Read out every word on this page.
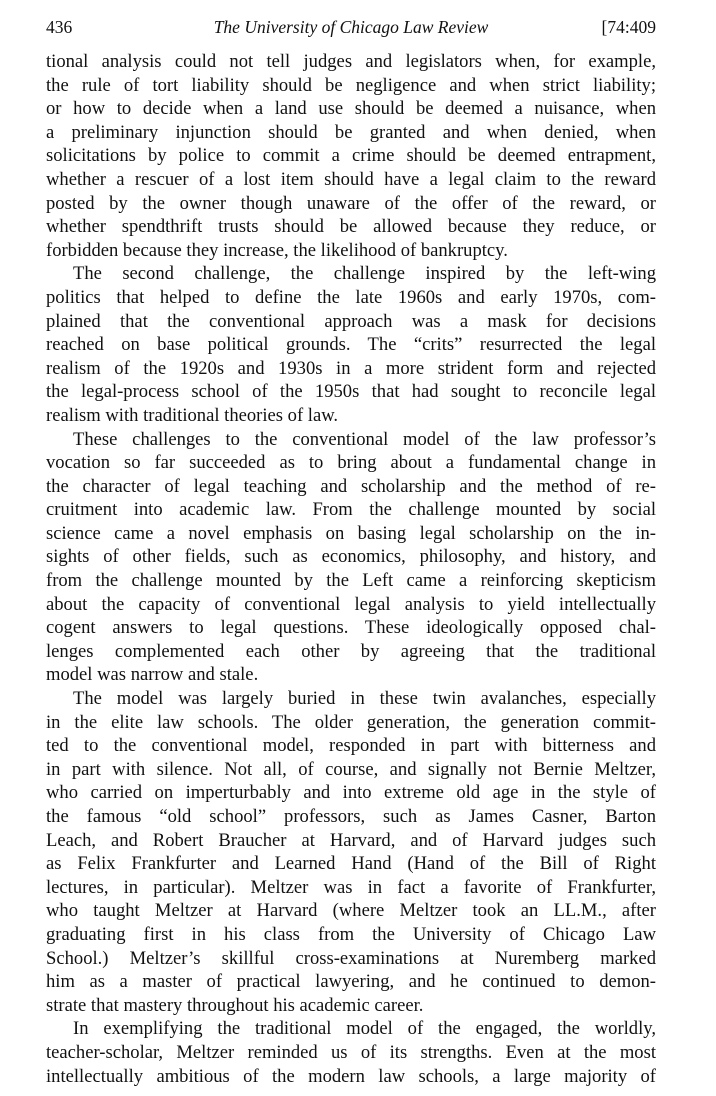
436	The University of Chicago Law Review	[74:409
tional analysis could not tell judges and legislators when, for example,
the rule of tort liability should be negligence and when strict liability;
or how to decide when a land use should be deemed a nuisance, when
a preliminary injunction should be granted and when denied, when
solicitations by police to commit a crime should be deemed entrapment,
whether a rescuer of a lost item should have a legal claim to the reward
posted by the owner though unaware of the offer of the reward, or
whether spendthrift trusts should be allowed because they reduce, or
forbidden because they increase, the likelihood of bankruptcy.
The second challenge, the challenge inspired by the left-wing
politics that helped to define the late 1960s and early 1970s, com-
plained that the conventional approach was a mask for decisions
reached on base political grounds. The “crits” resurrected the legal
realism of the 1920s and 1930s in a more strident form and rejected
the legal-process school of the 1950s that had sought to reconcile legal
realism with traditional theories of law.
These challenges to the conventional model of the law professor’s
vocation so far succeeded as to bring about a fundamental change in
the character of legal teaching and scholarship and the method of re-
cruitment into academic law. From the challenge mounted by social
science came a novel emphasis on basing legal scholarship on the in-
sights of other fields, such as economics, philosophy, and history, and
from the challenge mounted by the Left came a reinforcing skepticism
about the capacity of conventional legal analysis to yield intellectually
cogent answers to legal questions. These ideologically opposed chal-
lenges complemented each other by agreeing that the traditional
model was narrow and stale.
The model was largely buried in these twin avalanches, especially
in the elite law schools. The older generation, the generation commit-
ted to the conventional model, responded in part with bitterness and
in part with silence. Not all, of course, and signally not Bernie Meltzer,
who carried on imperturbably and into extreme old age in the style of
the famous “old school” professors, such as James Casner, Barton
Leach, and Robert Braucher at Harvard, and of Harvard judges such
as Felix Frankfurter and Learned Hand (Hand of the Bill of Right
lectures, in particular). Meltzer was in fact a favorite of Frankfurter,
who taught Meltzer at Harvard (where Meltzer took an LL.M., after
graduating first in his class from the University of Chicago Law
School.) Meltzer’s skillful cross-examinations at Nuremberg marked
him as a master of practical lawyering, and he continued to demon-
strate that mastery throughout his academic career.
In exemplifying the traditional model of the engaged, the worldly,
teacher-scholar, Meltzer reminded us of its strengths. Even at the most
intellectually ambitious of the modern law schools, a large majority of
